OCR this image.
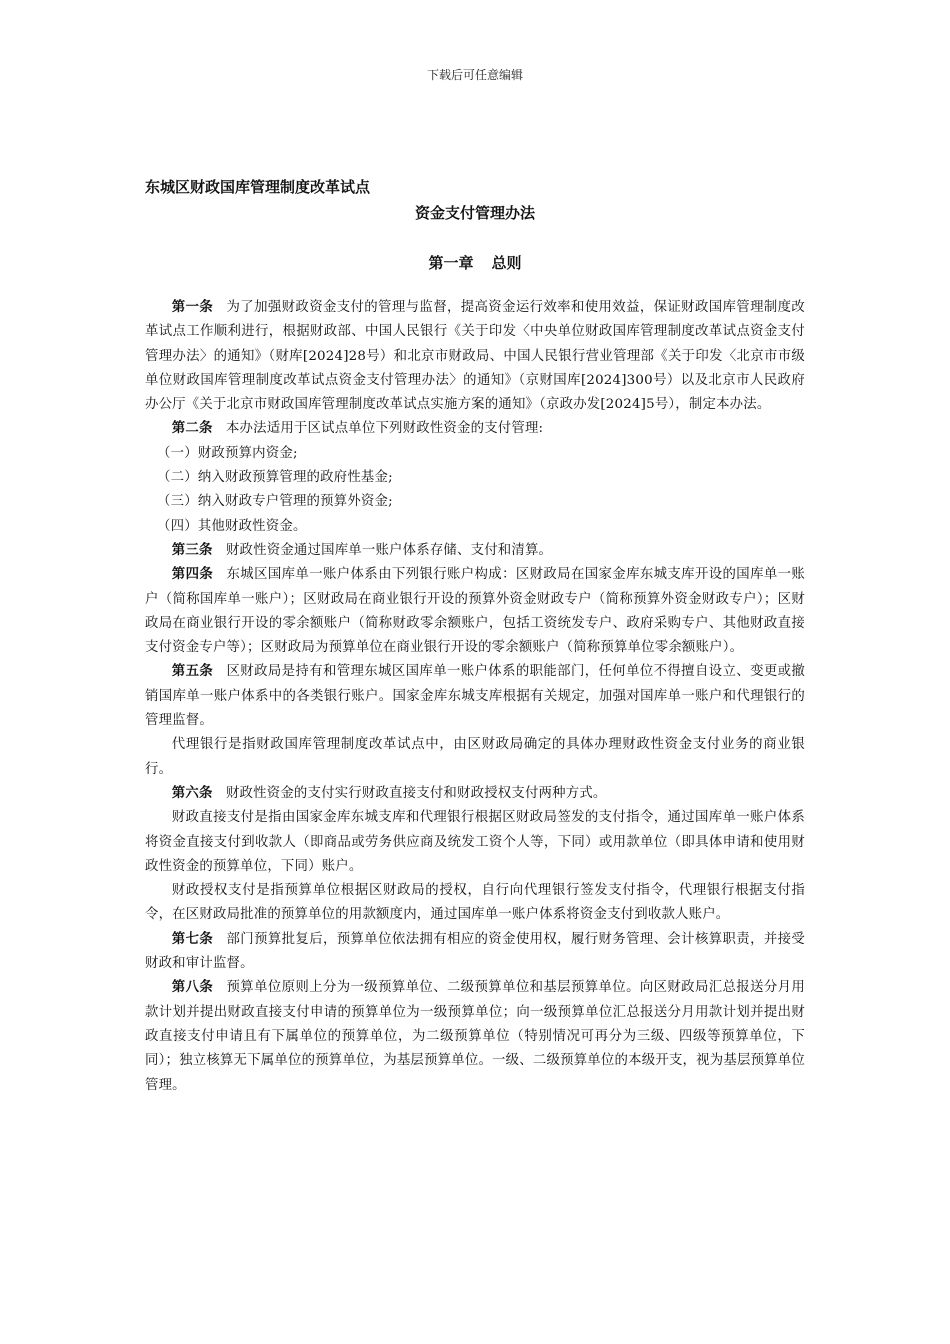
下载后可任意编辑
东城区财政国库管理制度改革试点
资金支付管理办法
第一章 总则

第一条 为了加强财政资金支付的管理与监督，提高资金运行效率和使用效益，保证财政国库管理制度改革试点工作顺利进行，根据财政部、中国人民银行《关于印发〈中央单位财政国库管理制度改革试点资金支付管理办法〉的通知》（财库[2024]28号）和北京市财政局、中国人民银行营业管理部《关于印发〈北京市市级单位财政国库管理制度改革试点资金支付管理办法〉的通知》（京财国库[2024]300号）以及北京市人民政府办公厅《关于北京市财政国库管理制度改革试点实施方案的通知》（京政办发[2024]5号），制定本办法。

第二条 本办法适用于区试点单位下列财政性资金的支付管理:

（一）财政预算内资金;

（二）纳入财政预算管理的政府性基金;

（三）纳入财政专户管理的预算外资金;

（四）其他财政性资金。

第三条 财政性资金通过国库单一账户体系存储、支付和清算。

第四条 东城区国库单一账户体系由下列银行账户构成：区财政局在国家金库东城支库开设的国库单一账户（简称国库单一账户）；区财政局在商业银行开设的预算外资金财政专户（简称预算外资金财政专户）；区财政局在商业银行开设的零余额账户（简称财政零余额账户，包括工资统发专户、政府采购专户、其他财政直接支付资金专户等）；区财政局为预算单位在商业银行开设的零余额账户（简称预算单位零余额账户）。

第五条 区财政局是持有和管理东城区国库单一账户体系的职能部门，任何单位不得擅自设立、变更或撤销国库单一账户体系中的各类银行账户。国家金库东城支库根据有关规定，加强对国库单一账户和代理银行的管理监督。

代理银行是指财政国库管理制度改革试点中，由区财政局确定的具体办理财政性资金支付业务的商业银行。

第六条 财政性资金的支付实行财政直接支付和财政授权支付两种方式。

财政直接支付是指由国家金库东城支库和代理银行根据区财政局签发的支付指令，通过国库单一账户体系将资金直接支付到收款人（即商品或劳务供应商及统发工资个人等，下同）或用款单位（即具体申请和使用财政性资金的预算单位，下同）账户。

财政授权支付是指预算单位根据区财政局的授权，自行向代理银行签发支付指令，代理银行根据支付指令，在区财政局批准的预算单位的用款额度内，通过国库单一账户体系将资金支付到收款人账户。

第七条 部门预算批复后，预算单位依法拥有相应的资金使用权，履行财务管理、会计核算职责，并接受财政和审计监督。

第八条 预算单位原则上分为一级预算单位、二级预算单位和基层预算单位。向区财政局汇总报送分月用款计划并提出财政直接支付申请的预算单位为一级预算单位；向一级预算单位汇总报送分月用款计划并提出财政直接支付申请且有下属单位的预算单位，为二级预算单位（特别情况可再分为三级、四级等预算单位，下同）；独立核算无下属单位的预算单位，为基层预算单位。一级、二级预算单位的本级开支，视为基层预算单位管理。
